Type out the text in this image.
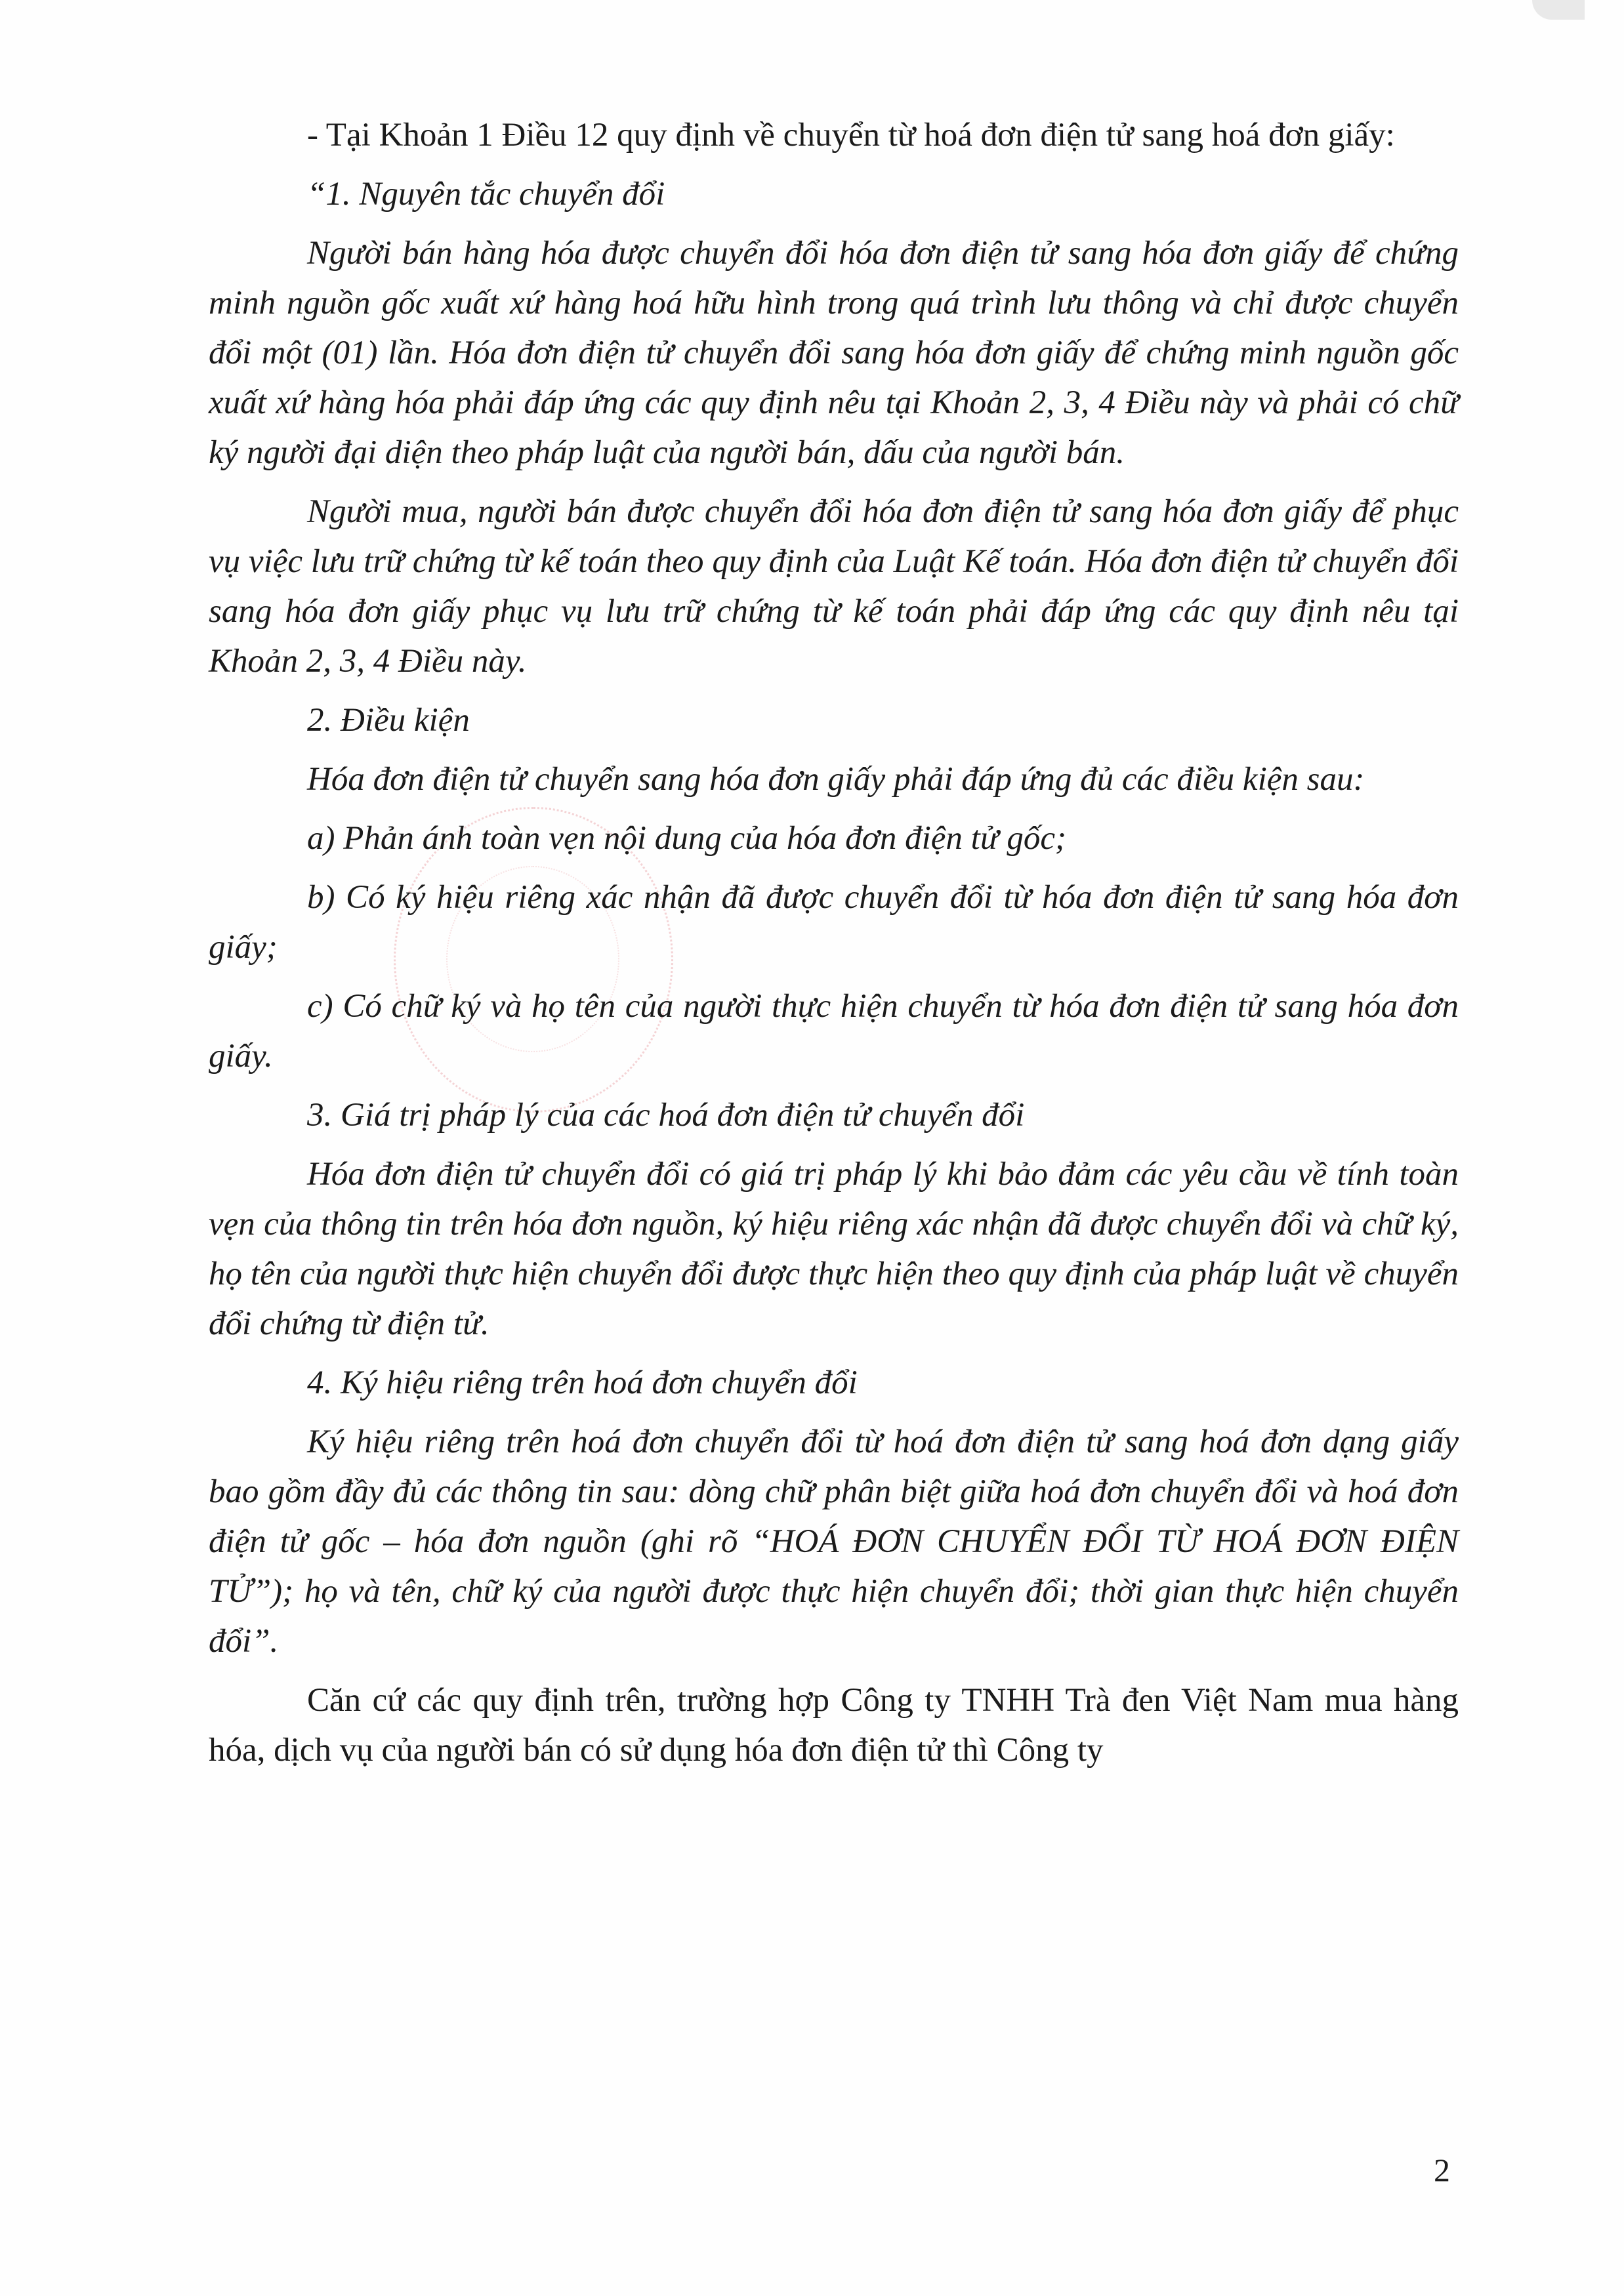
- Tại Khoản 1 Điều 12 quy định về chuyển từ hoá đơn điện tử sang hoá đơn giấy:

“1. Nguyên tắc chuyển đổi

Người bán hàng hóa được chuyển đổi hóa đơn điện tử sang hóa đơn giấy để chứng minh nguồn gốc xuất xứ hàng hoá hữu hình trong quá trình lưu thông và chỉ được chuyển đổi một (01) lần. Hóa đơn điện tử chuyển đổi sang hóa đơn giấy để chứng minh nguồn gốc xuất xứ hàng hóa phải đáp ứng các quy định nêu tại Khoản 2, 3, 4 Điều này và phải có chữ ký người đại diện theo pháp luật của người bán, dấu của người bán.

Người mua, người bán được chuyển đổi hóa đơn điện tử sang hóa đơn giấy để phục vụ việc lưu trữ chứng từ kế toán theo quy định của Luật Kế toán. Hóa đơn điện tử chuyển đổi sang hóa đơn giấy phục vụ lưu trữ chứng từ kế toán phải đáp ứng các quy định nêu tại Khoản 2, 3, 4 Điều này.

2. Điều kiện

Hóa đơn điện tử chuyển sang hóa đơn giấy phải đáp ứng đủ các điều kiện sau:

a) Phản ánh toàn vẹn nội dung của hóa đơn điện tử gốc;

b) Có ký hiệu riêng xác nhận đã được chuyển đổi từ hóa đơn điện tử sang hóa đơn giấy;

c) Có chữ ký và họ tên của người thực hiện chuyển từ hóa đơn điện tử sang hóa đơn giấy.

3. Giá trị pháp lý của các hoá đơn điện tử chuyển đổi

Hóa đơn điện tử chuyển đổi có giá trị pháp lý khi bảo đảm các yêu cầu về tính toàn vẹn của thông tin trên hóa đơn nguồn, ký hiệu riêng xác nhận đã được chuyển đổi và chữ ký, họ tên của người thực hiện chuyển đổi được thực hiện theo quy định của pháp luật về chuyển đổi chứng từ điện tử.

4. Ký hiệu riêng trên hoá đơn chuyển đổi

Ký hiệu riêng trên hoá đơn chuyển đổi từ hoá đơn điện tử sang hoá đơn dạng giấy bao gồm đầy đủ các thông tin sau: dòng chữ phân biệt giữa hoá đơn chuyển đổi và hoá đơn điện tử gốc – hóa đơn nguồn (ghi rõ “HOÁ ĐƠN CHUYỂN ĐỔI TỪ HOÁ ĐƠN ĐIỆN TỬ”); họ và tên, chữ ký của người được thực hiện chuyển đổi; thời gian thực hiện chuyển đổi”.

Căn cứ các quy định trên, trường hợp Công ty TNHH Trà đen Việt Nam mua hàng hóa, dịch vụ của người bán có sử dụng hóa đơn điện tử thì Công ty

2
